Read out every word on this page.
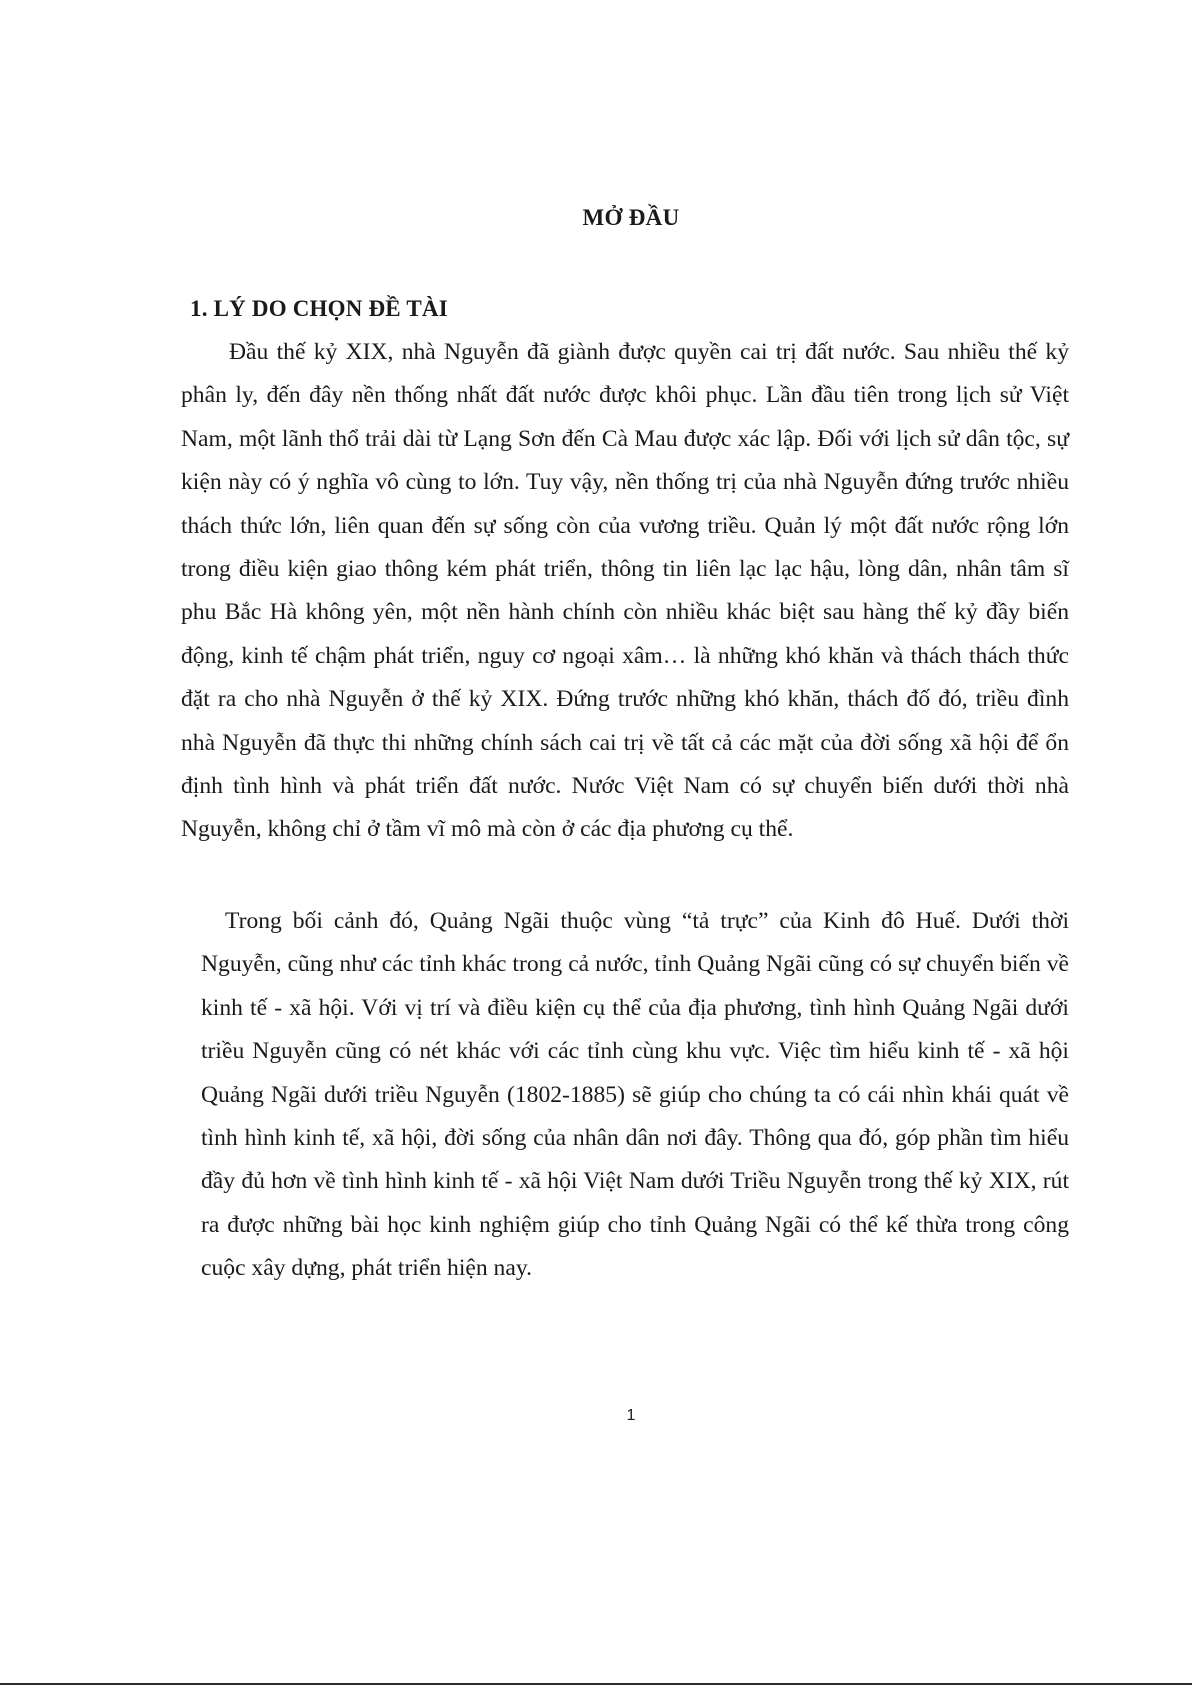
MỞ ĐẦU
1. LÝ DO CHỌN ĐỀ TÀI

Đầu thế kỷ XIX, nhà Nguyễn đã giành được quyền cai trị đất nước. Sau nhiều thế kỷ phân ly, đến đây nền thống nhất đất nước được khôi phục. Lần đầu tiên trong lịch sử Việt Nam, một lãnh thổ trải dài từ Lạng Sơn đến Cà Mau được xác lập. Đối với lịch sử dân tộc, sự kiện này có ý nghĩa vô cùng to lớn. Tuy vậy, nền thống trị của nhà Nguyễn đứng trước nhiều thách thức lớn, liên quan đến sự sống còn của vương triều. Quản lý một đất nước rộng lớn trong điều kiện giao thông kém phát triển, thông tin liên lạc lạc hậu, lòng dân, nhân tâm sĩ phu Bắc Hà không yên, một nền hành chính còn nhiều khác biệt sau hàng thế kỷ đầy biến động, kinh tế chậm phát triển, nguy cơ ngoại xâm… là những khó khăn và thách thách thức đặt ra cho nhà Nguyễn ở thế kỷ XIX. Đứng trước những khó khăn, thách đố đó, triều đình nhà Nguyễn đã thực thi những chính sách cai trị về tất cả các mặt của đời sống xã hội để ổn định tình hình và phát triển đất nước. Nước Việt Nam có sự chuyển biến dưới thời nhà Nguyễn, không chỉ ở tầm vĩ mô mà còn ở các địa phương cụ thể.

Trong bối cảnh đó, Quảng Ngãi thuộc vùng “tả trực” của Kinh đô Huế. Dưới thời Nguyễn, cũng như các tỉnh khác trong cả nước, tỉnh Quảng Ngãi cũng có sự chuyển biến về kinh tế - xã hội. Với vị trí và điều kiện cụ thể của địa phương, tình hình Quảng Ngãi dưới triều Nguyễn cũng có nét khác với các tỉnh cùng khu vực. Việc tìm hiểu kinh tế - xã hội Quảng Ngãi dưới triều Nguyễn (1802-1885) sẽ giúp cho chúng ta có cái nhìn khái quát về tình hình kinh tế, xã hội, đời sống của nhân dân nơi đây. Thông qua đó, góp phần tìm hiểu đầy đủ hơn về tình hình kinh tế - xã hội Việt Nam dưới Triều Nguyễn trong thế kỷ XIX, rút ra được những bài học kinh nghiệm giúp cho tỉnh Quảng Ngãi có thể kế thừa trong công cuộc xây dựng, phát triển hiện nay.

1
